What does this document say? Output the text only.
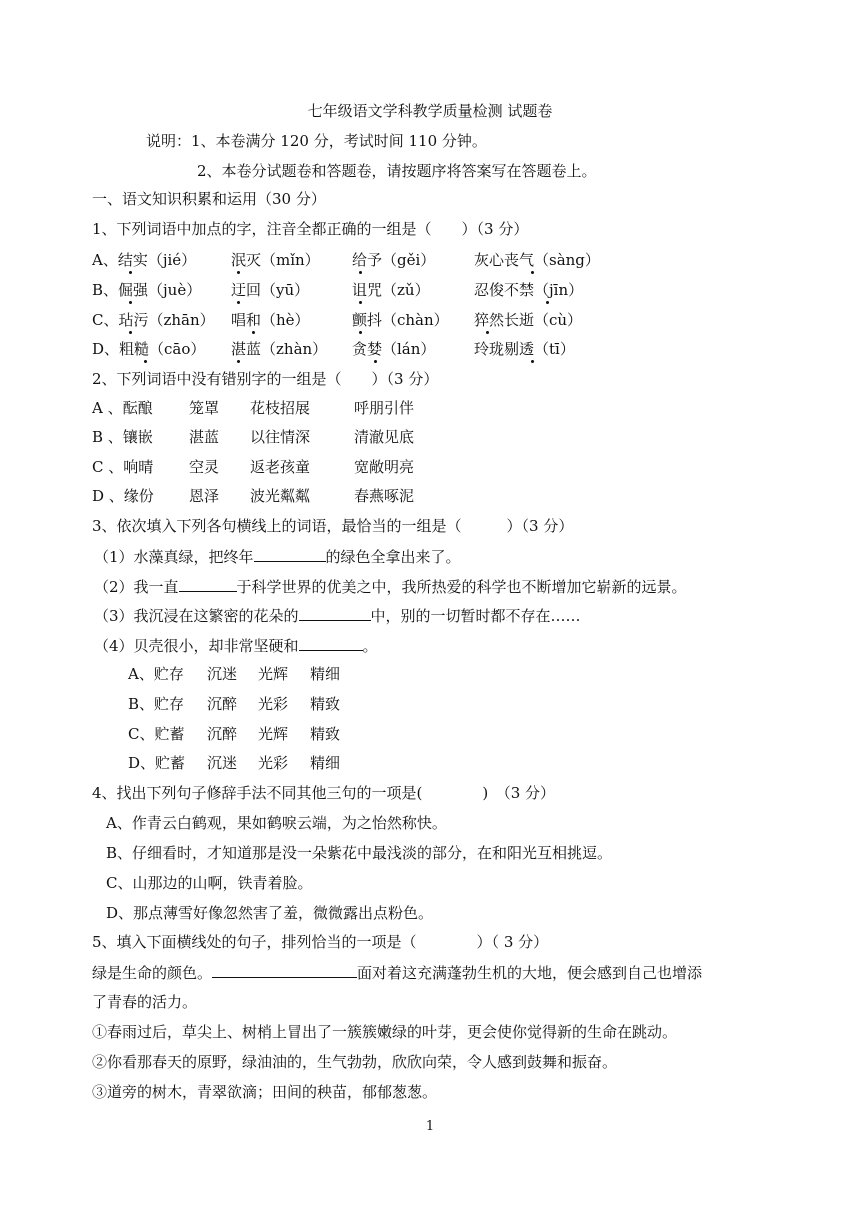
七年级语文学科教学质量检测 试题卷
说明：1、本卷满分 120 分，考试时间 110 分钟。
2、本卷分试题卷和答题卷，请按题序将答案写在答题卷上。
一、语文知识积累和运用（30 分）
1、下列词语中加点的字，注音全都正确的一组是（　　）（3 分）
A、结实（jié） 泯灭（mǐn） 给予（gěi）	灰心丧气（sàng）
B、倔强（juè） 迂回（yū）	诅咒（zǔ）	忍俊不禁（jīn）
C、玷污（zhān） 唱和（hè）	颤抖（chàn） 猝然长逝（cù）
D、粗糙（cāo） 湛蓝（zhàn） 贪婪（lán）	玲珑剔透（tī）
2、下列词语中没有错别字的一组是（　　）（3 分）
A 、酝酿 笼罩 花枝招展	呼朋引伴
B 、镶嵌 湛蓝 以往情深	清澈见底
C 、响晴 空灵 返老孩童	宽敞明亮
D 、缘份 恩泽 波光粼粼	春燕啄泥
3、依次填入下列各句横线上的词语，最恰当的一组是（　　　）（3 分）
（1）水藻真绿，把终年	的绿色全拿出来了。
（2）我一直	于科学世界的优美之中，我所热爱的科学也不断增加它崭新的远景。
（3）我沉浸在这繁密的花朵的	中，别的一切暂时都不存在……
（4）贝壳很小，却非常坚硬和	。
A、贮存 沉迷 光辉 精细
B、贮存 沉醉 光彩 精致
C、贮蓄 沉醉 光辉 精致
D、贮蓄 沉迷 光彩 精细
4、找出下列句子修辞手法不同其他三句的一项是(　　　　)　（3 分）
A、作青云白鹤观，果如鹤唳云端，为之怡然称快。
B、仔细看时，才知道那是没一朵紫花中最浅淡的部分，在和阳光互相挑逗。
C、山那边的山啊，铁青着脸。
D、那点薄雪好像忽然害了羞，微微露出点粉色。
5、填入下面横线处的句子，排列恰当的一项是（　　　　）（ 3 分）
绿是生命的颜色。	面对着这充满蓬勃生机的大地，便会感到自己也增添
了青春的活力。
①春雨过后，草尖上、树梢上冒出了一簇簇嫩绿的叶芽，更会使你觉得新的生命在跳动。
②你看那春天的原野，绿油油的，生气勃勃，欣欣向荣，令人感到鼓舞和振奋。
③道旁的树木，青翠欲滴；田间的秧苗，郁郁葱葱。
1
